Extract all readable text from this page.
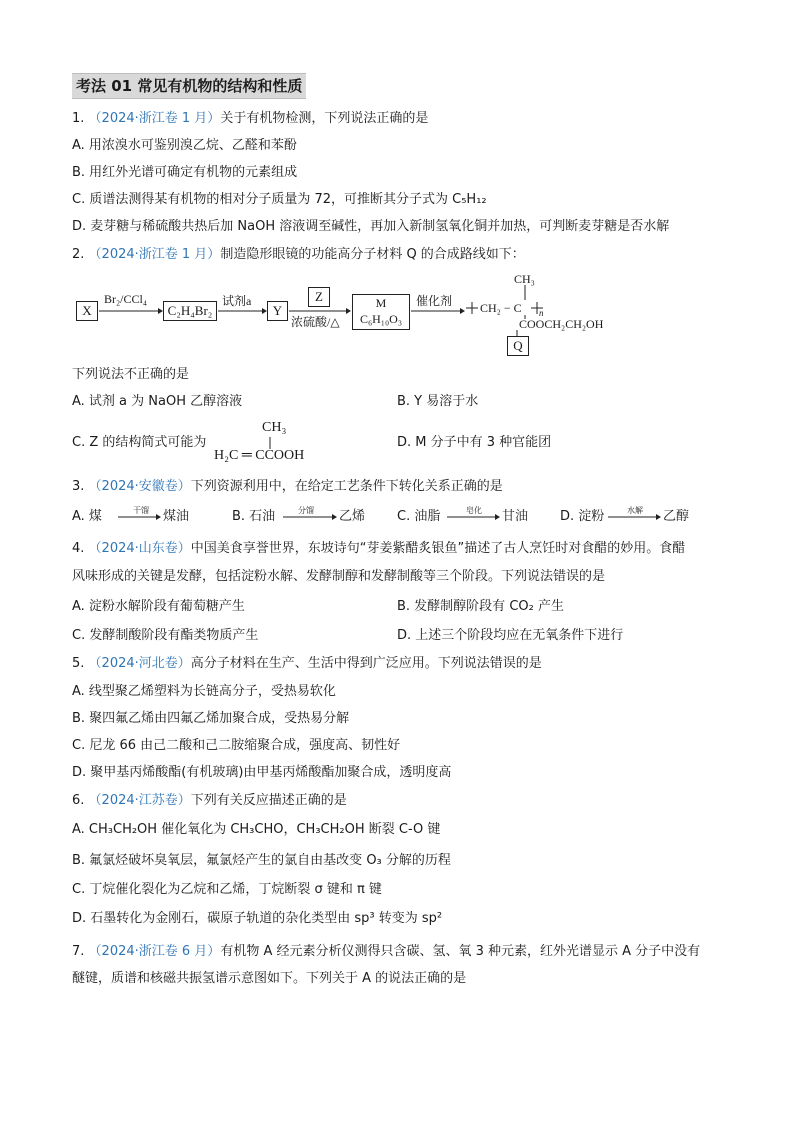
考法 01 常见有机物的结构和性质
1. （2024·浙江卷 1 月）关于有机物检测，下列说法正确的是
A. 用浓溴水可鉴别溴乙烷、乙醛和苯酚
B. 用红外光谱可确定有机物的元素组成
C. 质谱法测得某有机物的相对分子质量为 72，可推断其分子式为 C₅H₁₂
D. 麦芽糖与稀硫酸共热后加 NaOH 溶液调至碱性，再加入新制氢氧化铜并加热，可判断麦芽糖是否水解
2. （2024·浙江卷 1 月）制造隐形眼镜的功能高分子材料 Q 的合成路线如下：
X
Br₂/CCl₄
C₂H₄Br₂
试剂a
Y
Z
浓硫酸/△
M
C₆H₁₀O₃
催化剂
CH₃
CH₂ − C n
COOCH₂CH₂OH
Q
下列说法不正确的是
A. 试剂 a 为 NaOH 乙醇溶液	B. Y 易溶于水
C. Z 的结构简式可能为
CH₃
H₂C ═ CCOOH
D. M 分子中有 3 种官能团
3. （2024·安徽卷）下列资源利用中，在给定工艺条件下转化关系正确的是
A. 煤	干馏 煤油	B. 石油	分馏 乙烯 C. 油脂	皂化 甘油 D. 淀粉	水解 乙醇
4. （2024·山东卷）中国美食享誉世界，东坡诗句“芽姜紫醋炙银鱼”描述了古人烹饪时对食醋的妙用。食醋
风味形成的关键是发酵，包括淀粉水解、发酵制醇和发酵制酸等三个阶段。下列说法错误的是
A. 淀粉水解阶段有葡萄糖产生	B. 发酵制醇阶段有 CO₂ 产生
C. 发酵制酸阶段有酯类物质产生	D. 上述三个阶段均应在无氧条件下进行
5. （2024·河北卷）高分子材料在生产、生活中得到广泛应用。下列说法错误的是
A. 线型聚乙烯塑料为长链高分子，受热易软化
B. 聚四氟乙烯由四氟乙烯加聚合成，受热易分解
C. 尼龙 66 由己二酸和己二胺缩聚合成，强度高、韧性好
D. 聚甲基丙烯酸酯(有机玻璃)由甲基丙烯酸酯加聚合成，透明度高
6. （2024·江苏卷）下列有关反应描述正确的是
A. CH₃CH₂OH 催化氧化为 CH₃CHO，CH₃CH₂OH 断裂 C-O 键
B. 氟氯烃破坏臭氧层，氟氯烃产生的氯自由基改变 O₃ 分解的历程
C. 丁烷催化裂化为乙烷和乙烯，丁烷断裂 σ 键和 π 键
D. 石墨转化为金刚石，碳原子轨道的杂化类型由 sp³ 转变为 sp²
7. （2024·浙江卷 6 月）有机物 A 经元素分析仪测得只含碳、氢、氧 3 种元素，红外光谱显示 A 分子中没有
醚键，质谱和核磁共振氢谱示意图如下。下列关于 A 的说法正确的是
